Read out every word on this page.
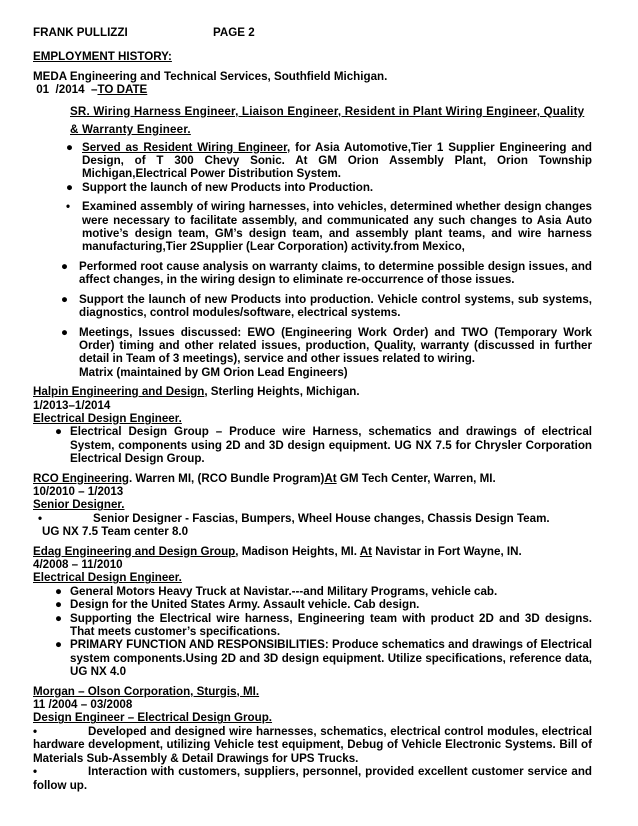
FRANK PULLIZZI	PAGE 2

EMPLOYMENT HISTORY:

MEDA Engineering and Technical Services, Southfield Michigan.

01  /2014  –TO DATE

SR. Wiring Harness Engineer, Liaison Engineer, Resident in Plant Wiring Engineer, Quality & Warranty Engineer.

● Served as Resident Wiring Engineer, for Asia Automotive,Tier 1 Supplier Engineering and Design, of T 300 Chevy Sonic. At GM Orion Assembly Plant, Orion Township Michigan,Electrical Power Distribution System.
● Support the launch of new Products into Production.
• Examined assembly of wiring harnesses, into vehicles, determined whether design changes were necessary to facilitate assembly, and communicated any such changes to Asia Auto motive’s design team, GM’s design team, and assembly plant teams, and wire harness manufacturing,Tier 2Supplier (Lear Corporation) activity.from Mexico,
● Performed root cause analysis on warranty claims, to determine possible design issues, and affect changes, in the wiring design to eliminate re-occurrence of those issues.
● Support the launch of new Products into production. Vehicle control systems, sub systems, diagnostics, control modules/software, electrical systems.
● Meetings, Issues discussed: EWO (Engineering Work Order) and TWO (Temporary Work Order) timing and other related issues, production, Quality, warranty (discussed in further detail in Team of 3 meetings), service and other issues related to wiring.
Matrix (maintained by GM Orion Lead Engineers)

Halpin Engineering and Design, Sterling Heights, Michigan.

1/2013–1/2014

Electrical Design Engineer.

● Electrical Design Group – Produce wire Harness, schematics and drawings of electrical System, components using 2D and 3D design equipment. UG NX 7.5 for Chrysler Corporation Electrical Design Group.

RCO Engineering. Warren MI, (RCO Bundle Program)At GM Tech Center, Warren, MI.

10/2010 – 1/2013

Senior Designer.

•	Senior Designer - Fascias, Bumpers, Wheel House changes, Chassis Design Team.

UG NX 7.5 Team center 8.0

Edag Engineering and Design Group, Madison Heights, MI. At Navistar in Fort Wayne, IN.

4/2008 – 11/2010

Electrical Design Engineer.

● General Motors Heavy Truck at Navistar.---and Military Programs, vehicle cab.
● Design for the United States Army. Assault vehicle. Cab design.
● Supporting the Electrical wire harness, Engineering team with product 2D and 3D designs. That meets customer’s specifications.
● PRIMARY FUNCTION AND RESPONSIBILITIES: Produce schematics and drawings of Electrical system components.Using 2D and 3D design equipment. Utilize specifications, reference data, UG NX 4.0

Morgan – Olson Corporation, Sturgis, MI.

11 /2004 – 03/2008

Design Engineer – Electrical Design Group.

•	Developed and designed wire harnesses, schematics, electrical control modules, electrical hardware development, utilizing Vehicle test equipment, Debug of Vehicle Electronic Systems. Bill of Materials Sub-Assembly & Detail Drawings for UPS Trucks.

•	Interaction with customers, suppliers, personnel, provided excellent customer service and follow up.
